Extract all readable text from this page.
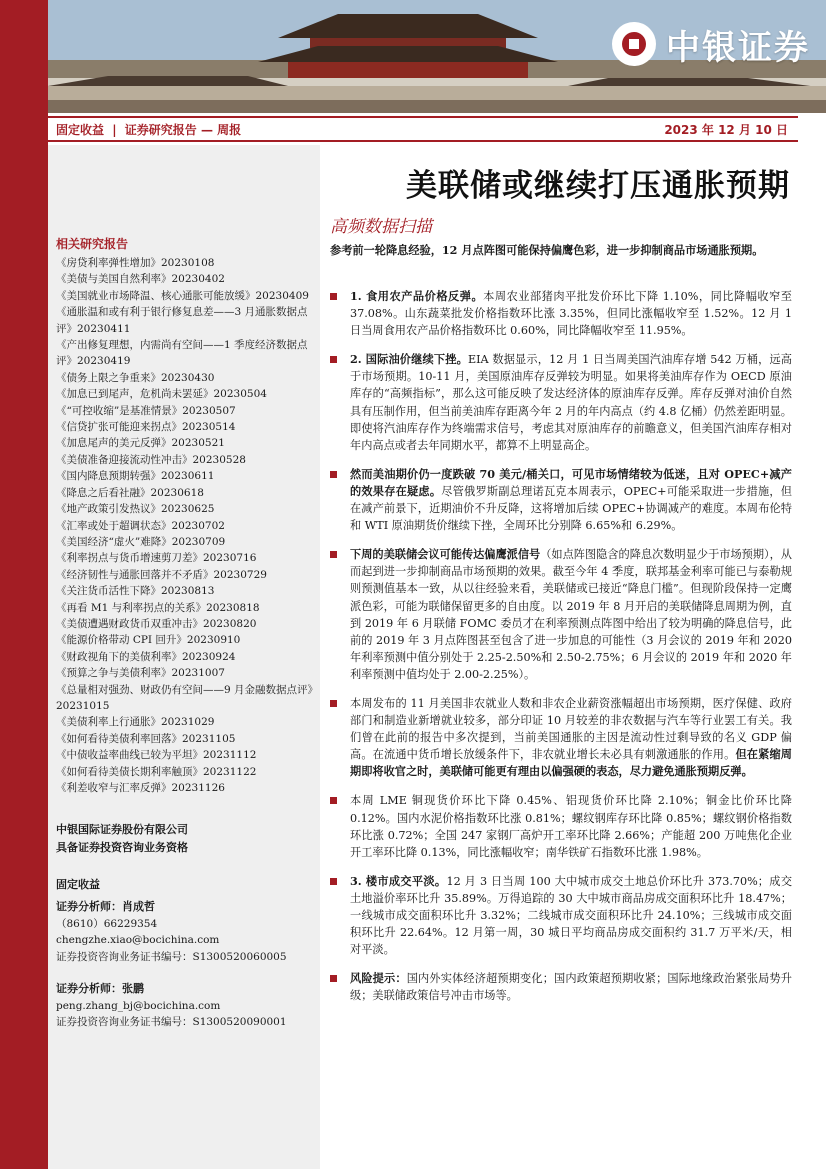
中银证券
固定收益 | 证券研究报告 — 周报	2023 年 12 月 10 日
相关研究报告
《房贷利率弹性增加》20230108
《美债与美国自然利率》20230402
《美国就业市场降温、核心通胀可能放缓》20230409
《通胀温和或有利于银行修复息差——3 月通胀数据点评》20230411
《产出修复理想，内需尚有空间——1 季度经济数据点评》20230419
《债务上限之争重来》20230430
《加息已到尾声，危机尚未罢延》20230504
《“可控收缩”是基准情景》20230507
《信贷扩张可能迎来拐点》20230514
《加息尾声的美元反弹》20230521
《美债准备迎接流动性冲击》20230528
《国内降息预期转强》20230611
《降息之后看社融》20230618
《地产政策引发热议》20230625
《汇率或处于超调状态》20230702
《美国经济“虚火”难降》20230709
《利率拐点与货币增速剪刀差》20230716
《经济韧性与通胀回落并不矛盾》20230729
《关注货币活性下降》20230813
《再看 M1 与利率拐点的关系》20230818
《美债遭遇财政货币双重冲击》20230820
《能源价格带动 CPI 回升》20230910
《财政视角下的美债利率》20230924
《预算之争与美债利率》20231007
《总量相对强劲、财政仍有空间——9 月金融数据点评》20231015
《美债利率上行通胀》20231029
《如何看待美债利率回落》20231105
《中债收益率曲线已较为平坦》20231112
《如何看待美债长期利率触顶》20231122
《利差收窄与汇率反弹》20231126
中银国际证券股份有限公司
具备证券投资咨询业务资格
固定收益
证券分析师：肖成哲
（8610）66229354
chengzhe.xiao@bocichina.com
证券投资咨询业务证书编号：S1300520060005
证券分析师：张鹏
peng.zhang_bj@bocichina.com
证券投资咨询业务证书编号：S1300520090001
美联储或继续打压通胀预期
高频数据扫描
参考前一轮降息经验，12 月点阵图可能保持偏鹰色彩，进一步抑制商品市场通胀预期。
1. 食用农产品价格反弹。本周农业部猪肉平批发价环比下降 1.10%，同比降幅收窄至 37.08%。山东蔬菜批发价格指数环比涨 3.35%，但同比涨幅收窄至 1.52%。12 月 1 日当周食用农产品价格指数环比 0.60%，同比降幅收窄至 11.95%。
2. 国际油价继续下挫。EIA 数据显示，12 月 1 日当周美国汽油库存增 542 万桶，远高于市场预期。10-11 月，美国原油库存反弹较为明显。如果将美油库存作为 OECD 原油库存的“高频指标”，那么这可能反映了发达经济体的原油库存反弹。库存反弹对油价自然具有压制作用，但当前美油库存距离今年 2 月的年内高点（约 4.8 亿桶）仍然差距明显。即使将汽油库存作为终端需求信号，考虑其对原油库存的前瞻意义，但美国汽油库存相对年内高点或者去年同期水平，都算不上明显高企。
然而美油期价仍一度跌破 70 美元/桶关口，可见市场情绪较为低迷，且对 OPEC+减产的效果存在疑虑。尽管俄罗斯副总理诺瓦克本周表示，OPEC+可能采取进一步措施，但在减产前景下，近期油价不升反降，这将增加后续 OPEC+协调减产的难度。本周布伦特和 WTI 原油期货价继续下挫，全周环比分别降 6.65%和 6.29%。
下周的美联储会议可能传达偏鹰派信号（如点阵图隐含的降息次数明显少于市场预期），从而起到进一步抑制商品市场预期的效果。截至今年 4 季度，联邦基金利率可能已与泰勒规则预测值基本一致，从以往经验来看，美联储或已接近“降息门槛”。但现阶段保持一定鹰派色彩，可能为联储保留更多的自由度。以 2019 年 8 月开启的美联储降息周期为例，直到 2019 年 6 月联储 FOMC 委员才在利率预测点阵图中给出了较为明确的降息信号，此前的 2019 年 3 月点阵图甚至包含了进一步加息的可能性（3 月会议的 2019 年和 2020 年利率预测中值分别处于 2.25-2.50%和 2.50-2.75%；6 月会议的 2019 年和 2020 年利率预测中值均处于 2.00-2.25%）。
本周发布的 11 月美国非农就业人数和非农企业薪资涨幅超出市场预期，医疗保健、政府部门和制造业新增就业较多，部分印证 10 月较差的非农数据与汽车等行业罢工有关。我们曾在此前的报告中多次提到，当前美国通胀的主因是流动性过剩导致的名义 GDP 偏高。在流通中货币增长放缓条件下，非农就业增长未必具有刺激通胀的作用。但在紧缩周期即将收官之时，美联储可能更有理由以偏强硬的表态，尽力避免通胀预期反弹。
本周 LME 铜现货价环比下降 0.45%、铝现货价环比降 2.10%；铜金比价环比降 0.12%。国内水泥价格指数环比涨 0.81%；螺纹钢库存环比降 0.85%；螺纹钢价格指数环比涨 0.72%；全国 247 家钢厂高炉开工率环比降 2.66%；产能超 200 万吨焦化企业开工率环比降 0.13%，同比涨幅收窄；南华铁矿石指数环比涨 1.98%。
3. 楼市成交平淡。12 月 3 日当周 100 大中城市成交土地总价环比升 373.70%；成交土地溢价率环比升 35.89%。万得追踪的 30 大中城市商品房成交面积环比升 18.47%；一线城市成交面积环比升 3.32%；二线城市成交面积环比升 24.10%；三线城市成交面积环比升 22.64%。12 月第一周，30 城日平均商品房成交面积约 31.7 万平米/天，相对平淡。
风险提示：国内外实体经济超预期变化；国内政策超预期收紧；国际地缘政治紧张局势升级；美联储政策信号冲击市场等。
